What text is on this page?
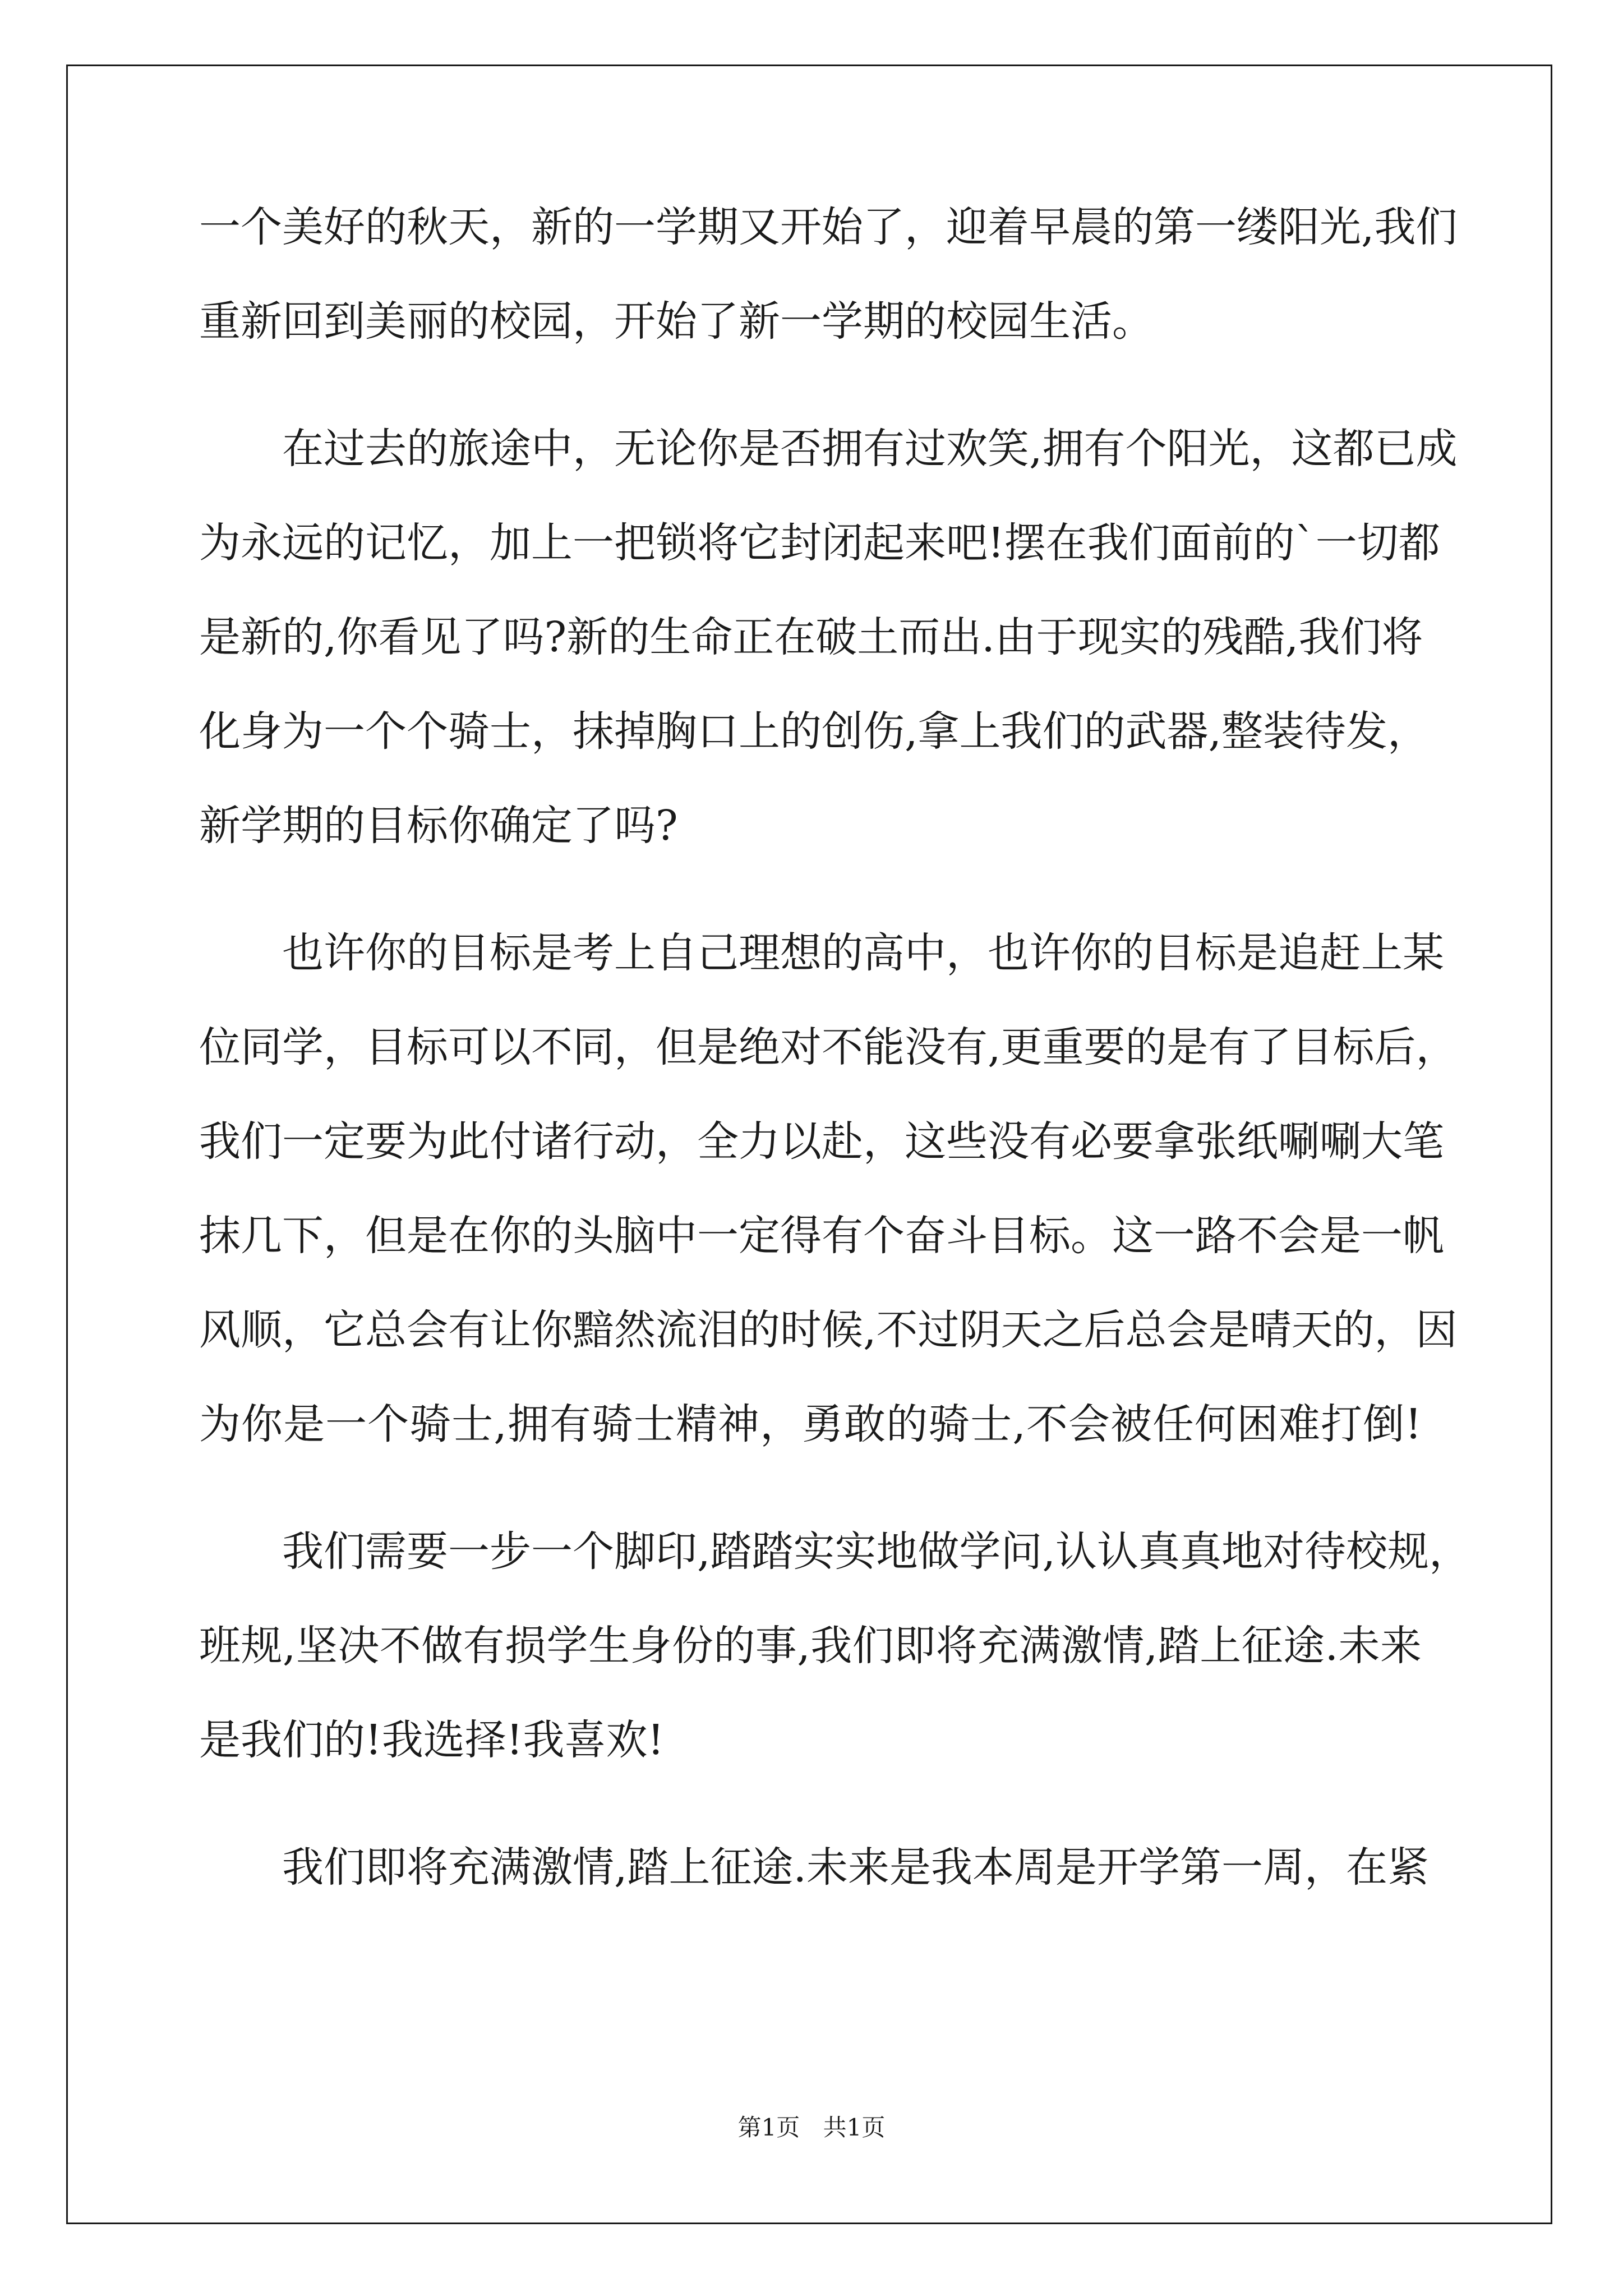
一个美好的秋天，新的一学期又开始了，迎着早晨的第一缕阳光,我们
重新回到美丽的校园，开始了新一学期的校园生活。
在过去的旅途中，无论你是否拥有过欢笑,拥有个阳光，这都已成
为永远的记忆，加上一把锁将它封闭起来吧!摆在我们面前的`一切都
是新的,你看见了吗?新的生命正在破土而出.由于现实的残酷,我们将
化身为一个个骑士，抹掉胸口上的创伤,拿上我们的武器,整装待发，
新学期的目标你确定了吗?
也许你的目标是考上自己理想的高中，也许你的目标是追赶上某
位同学，目标可以不同，但是绝对不能没有,更重要的是有了目标后，
我们一定要为此付诸行动，全力以赴，这些没有必要拿张纸唰唰大笔
抹几下，但是在你的头脑中一定得有个奋斗目标。这一路不会是一帆
风顺，它总会有让你黯然流泪的时候,不过阴天之后总会是晴天的，因
为你是一个骑士,拥有骑士精神，勇敢的骑士,不会被任何困难打倒!
我们需要一步一个脚印,踏踏实实地做学问,认认真真地对待校规，
班规,坚决不做有损学生身份的事,我们即将充满激情,踏上征途.未来
是我们的!我选择!我喜欢!
我们即将充满激情,踏上征途.未来是我本周是开学第一周，在紧
第1页 共1页
